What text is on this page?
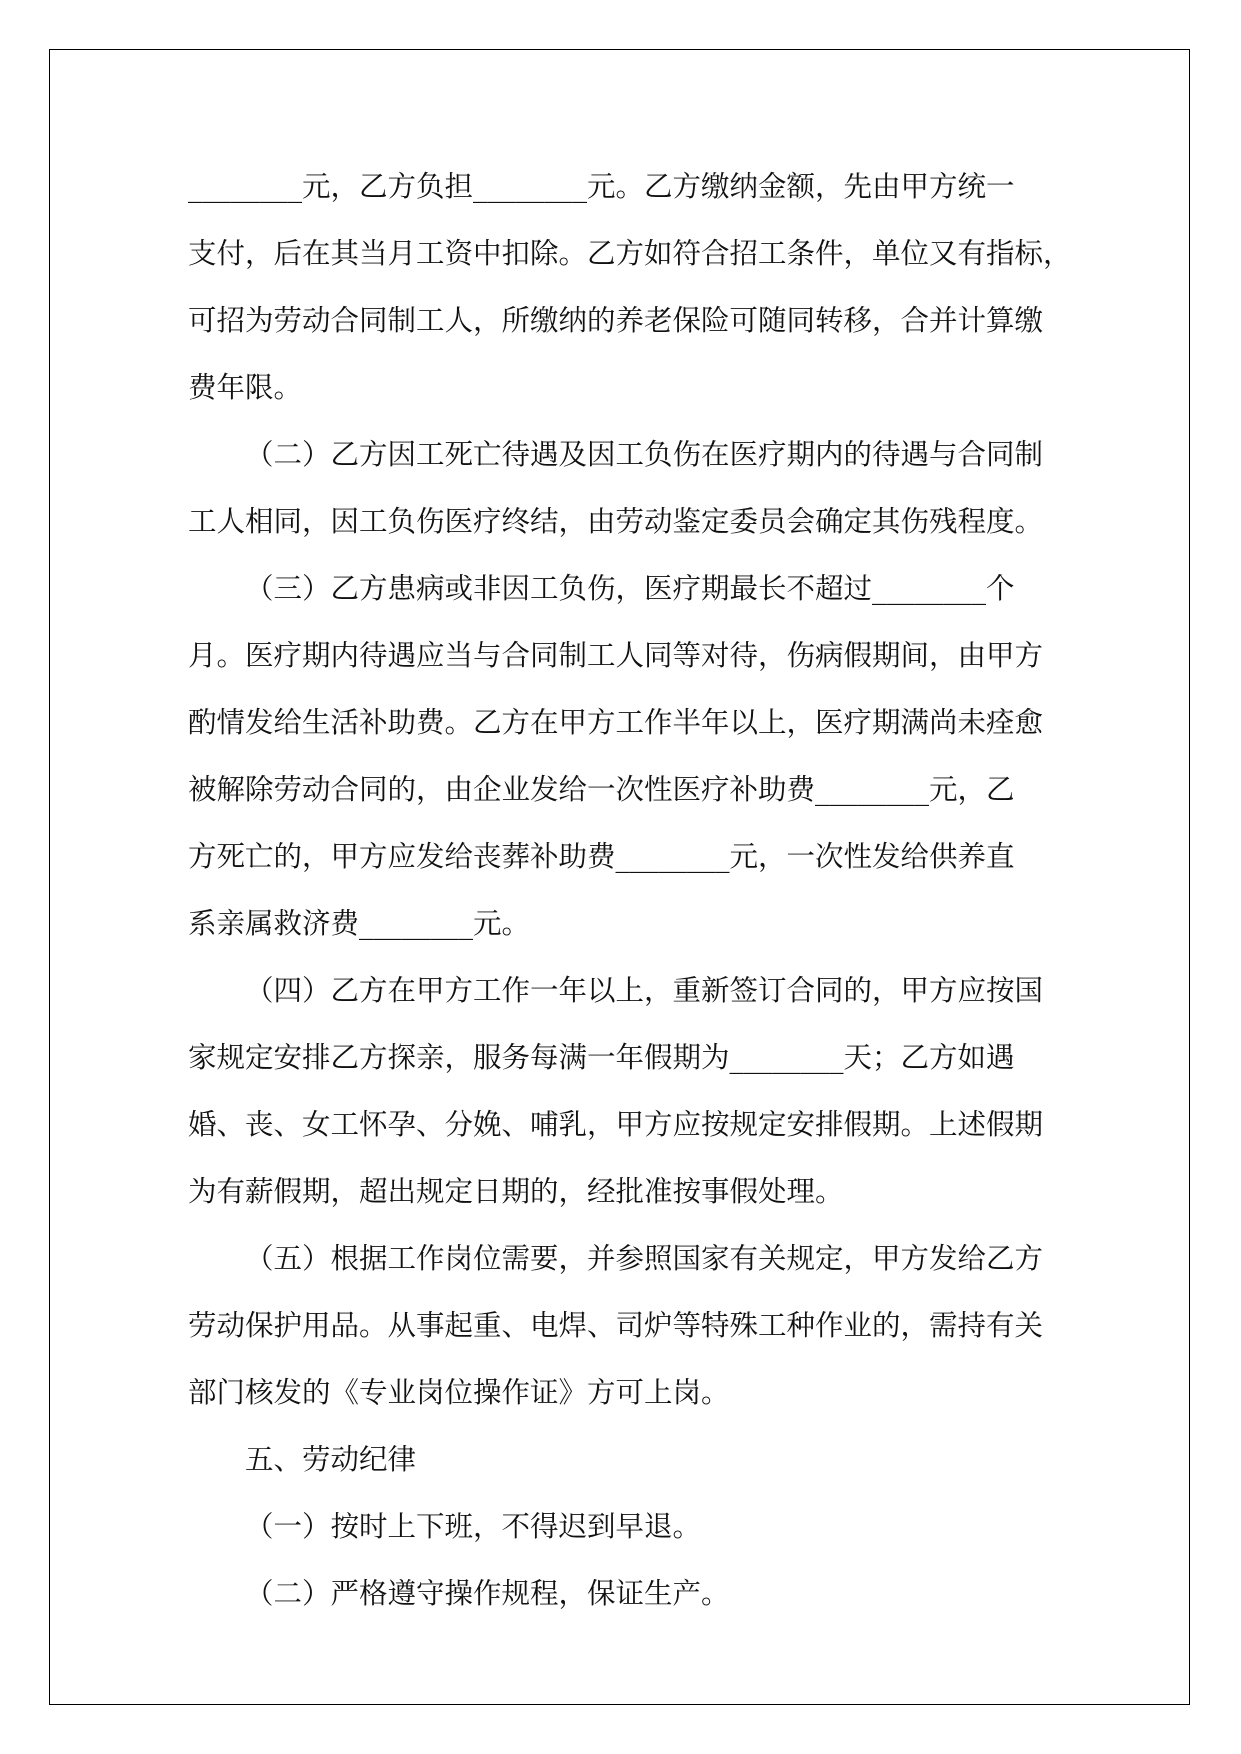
________元，乙方负担________元。乙方缴纳金额，先由甲方统一
支付，后在其当月工资中扣除。乙方如符合招工条件，单位又有指标，
可招为劳动合同制工人，所缴纳的养老保险可随同转移，合并计算缴
费年限。
（二）乙方因工死亡待遇及因工负伤在医疗期内的待遇与合同制
工人相同，因工负伤医疗终结，由劳动鉴定委员会确定其伤残程度。
（三）乙方患病或非因工负伤，医疗期最长不超过________个
月。医疗期内待遇应当与合同制工人同等对待，伤病假期间，由甲方
酌情发给生活补助费。乙方在甲方工作半年以上，医疗期满尚未痊愈
被解除劳动合同的，由企业发给一次性医疗补助费________元，乙
方死亡的，甲方应发给丧葬补助费________元，一次性发给供养直
系亲属救济费________元。
（四）乙方在甲方工作一年以上，重新签订合同的，甲方应按国
家规定安排乙方探亲，服务每满一年假期为________天；乙方如遇
婚、丧、女工怀孕、分娩、哺乳，甲方应按规定安排假期。上述假期
为有薪假期，超出规定日期的，经批准按事假处理。
（五）根据工作岗位需要，并参照国家有关规定，甲方发给乙方
劳动保护用品。从事起重、电焊、司炉等特殊工种作业的，需持有关
部门核发的《专业岗位操作证》方可上岗。
五、劳动纪律
（一）按时上下班，不得迟到早退。
（二）严格遵守操作规程，保证生产。
